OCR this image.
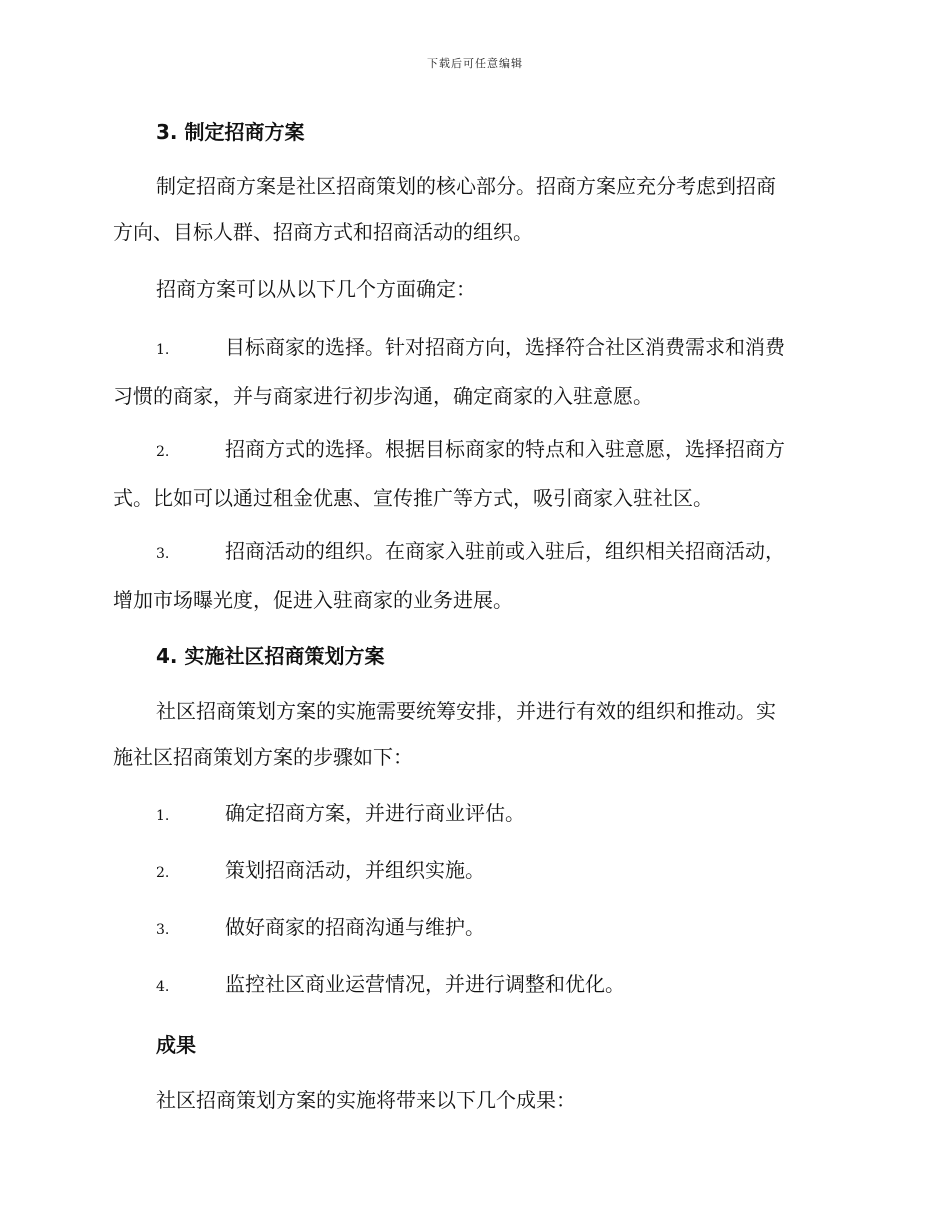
下载后可任意编辑
3. 制定招商方案
制定招商方案是社区招商策划的核心部分。招商方案应充分考虑到招商
方向、目标人群、招商方式和招商活动的组织。
招商方案可以从以下几个方面确定：
1.	目标商家的选择。针对招商方向，选择符合社区消费需求和消费
习惯的商家，并与商家进行初步沟通，确定商家的入驻意愿。
2.	招商方式的选择。根据目标商家的特点和入驻意愿，选择招商方
式。比如可以通过租金优惠、宣传推广等方式，吸引商家入驻社区。
3.	招商活动的组织。在商家入驻前或入驻后，组织相关招商活动，
增加市场曝光度，促进入驻商家的业务进展。
4. 实施社区招商策划方案
社区招商策划方案的实施需要统筹安排，并进行有效的组织和推动。实
施社区招商策划方案的步骤如下：
1.	确定招商方案，并进行商业评估。
2.	策划招商活动，并组织实施。
3.	做好商家的招商沟通与维护。
4.	监控社区商业运营情况，并进行调整和优化。
成果
社区招商策划方案的实施将带来以下几个成果：
